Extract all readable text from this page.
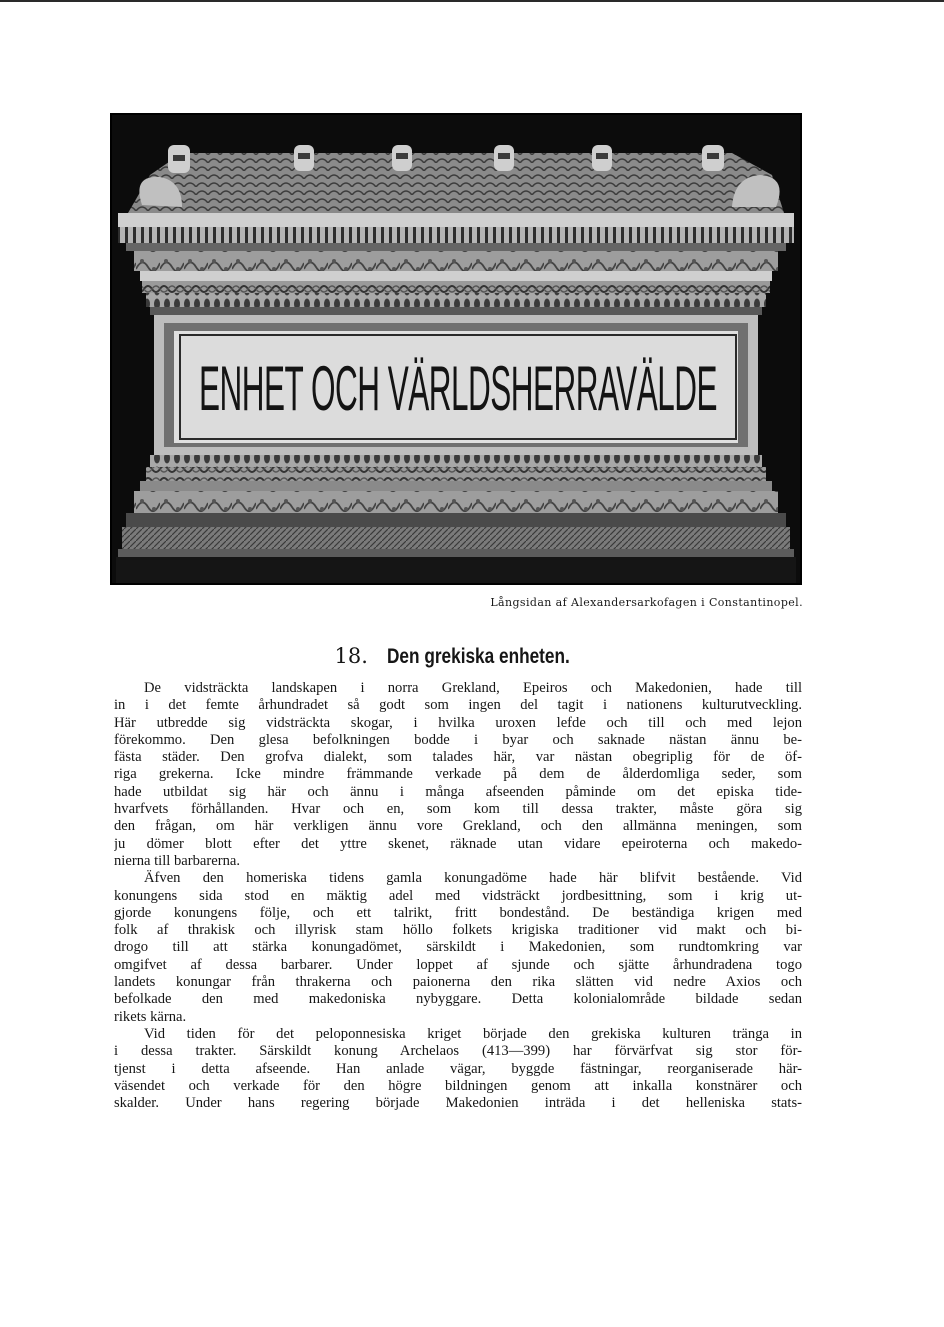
ENHET OCH VÄRLDSHERRAVÄLDE
Långsidan af Alexandersarkofagen i Constantinopel.
18. Den grekiska enheten.
De vidsträckta landskapen i norra Grekland, Epeiros och Makedonien, hade till
in i det femte århundradet så godt som ingen del tagit i nationens kulturutveckling.
Här utbredde sig vidsträckta skogar, i hvilka uroxen lefde och till och med lejon
förekommo. Den glesa befolkningen bodde i byar och saknade nästan ännu be-
fästa städer. Den grofva dialekt, som talades här, var nästan obegriplig för de öf-
riga grekerna. Icke mindre främmande verkade på dem de ålderdomliga seder, som
hade utbildat sig här och ännu i många afseenden påminde om det episka tide-
hvarfvets förhållanden. Hvar och en, som kom till dessa trakter, måste göra sig
den frågan, om här verkligen ännu vore Grekland, och den allmänna meningen, som
ju dömer blott efter det yttre skenet, räknade utan vidare epeiroterna och makedo-
nierna till barbarerna.
Äfven den homeriska tidens gamla konungadöme hade här blifvit bestående. Vid
konungens sida stod en mäktig adel med vidsträckt jordbesittning, som i krig ut-
gjorde konungens följe, och ett talrikt, fritt bondestånd. De beständiga krigen med
folk af thrakisk och illyrisk stam höllo folkets krigiska traditioner vid makt och bi-
drogo till att stärka konungadömet, särskildt i Makedonien, som rundtomkring var
omgifvet af dessa barbarer. Under loppet af sjunde och sjätte århundradena togo
landets konungar från thrakerna och paionerna den rika slätten vid nedre Axios och
befolkade den med makedoniska nybyggare. Detta kolonialområde bildade sedan
rikets kärna.
Vid tiden för det peloponnesiska kriget började den grekiska kulturen tränga in
i dessa trakter. Särskildt konung Archelaos (413—399) har förvärfvat sig stor för-
tjenst i detta afseende. Han anlade vägar, byggde fästningar, reorganiserade här-
väsendet och verkade för den högre bildningen genom att inkalla konstnärer och
skalder. Under hans regering började Makedonien inträda i det helleniska stats-
